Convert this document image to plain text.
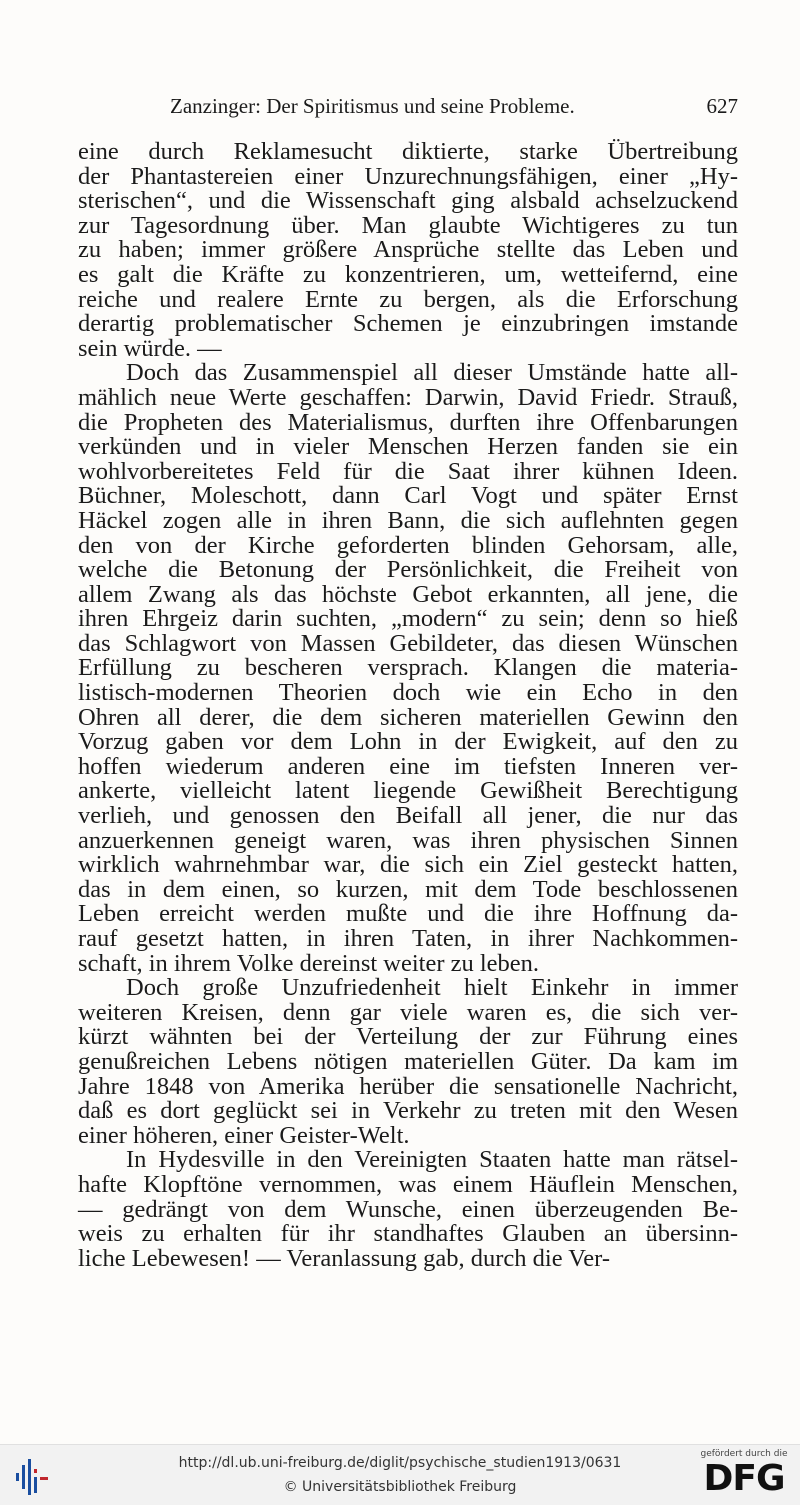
Zanzinger: Der Spiritismus und seine Probleme.	627

eine durch Reklamesucht diktierte, starke Übertreibung
der Phantastereien einer Unzurechnungsfähigen, einer „Hy-
sterischen“, und die Wissenschaft ging alsbald achselzuckend
zur Tagesordnung über. Man glaubte Wichtigeres zu tun
zu haben; immer größere Ansprüche stellte das Leben und
es galt die Kräfte zu konzentrieren, um, wetteifernd, eine
reiche und realere Ernte zu bergen, als die Erforschung
derartig problematischer Schemen je einzubringen imstande
sein würde. —

Doch das Zusammenspiel all dieser Umstände hatte all-
mählich neue Werte geschaffen: Darwin, David Friedr. Strauß,
die Propheten des Materialismus, durften ihre Offenbarungen
verkünden und in vieler Menschen Herzen fanden sie ein
wohlvorbereitetes Feld für die Saat ihrer kühnen Ideen.
Büchner, Moleschott, dann Carl Vogt und später Ernst
Häckel zogen alle in ihren Bann, die sich auflehnten gegen
den von der Kirche geforderten blinden Gehorsam, alle,
welche die Betonung der Persönlichkeit, die Freiheit von
allem Zwang als das höchste Gebot erkannten, all jene, die
ihren Ehrgeiz darin suchten, „modern“ zu sein; denn so hieß
das Schlagwort von Massen Gebildeter, das diesen Wünschen
Erfüllung zu bescheren versprach. Klangen die materia-
listisch-modernen Theorien doch wie ein Echo in den
Ohren all derer, die dem sicheren materiellen Gewinn den
Vorzug gaben vor dem Lohn in der Ewigkeit, auf den zu
hoffen wiederum anderen eine im tiefsten Inneren ver-
ankerte, vielleicht latent liegende Gewißheit Berechtigung
verlieh, und genossen den Beifall all jener, die nur das
anzuerkennen geneigt waren, was ihren physischen Sinnen
wirklich wahrnehmbar war, die sich ein Ziel gesteckt hatten,
das in dem einen, so kurzen, mit dem Tode beschlossenen
Leben erreicht werden mußte und die ihre Hoffnung da-
rauf gesetzt hatten, in ihren Taten, in ihrer Nachkommen-
schaft, in ihrem Volke dereinst weiter zu leben.

Doch große Unzufriedenheit hielt Einkehr in immer
weiteren Kreisen, denn gar viele waren es, die sich ver-
kürzt wähnten bei der Verteilung der zur Führung eines
genußreichen Lebens nötigen materiellen Güter. Da kam im
Jahre 1848 von Amerika herüber die sensationelle Nachricht,
daß es dort geglückt sei in Verkehr zu treten mit den Wesen
einer höheren, einer Geister-Welt.

In Hydesville in den Vereinigten Staaten hatte man rätsel-
hafte Klopftöne vernommen, was einem Häuflein Menschen,
— gedrängt von dem Wunsche, einen überzeugenden Be-
weis zu erhalten für ihr standhaftes Glauben an übersinn-
liche Lebewesen! — Veranlassung gab, durch die Ver-

http://dl.ub.uni-freiburg.de/diglit/psychische_studien1913/0631
© Universitätsbibliothek Freiburg
gefördert durch die
DFG
